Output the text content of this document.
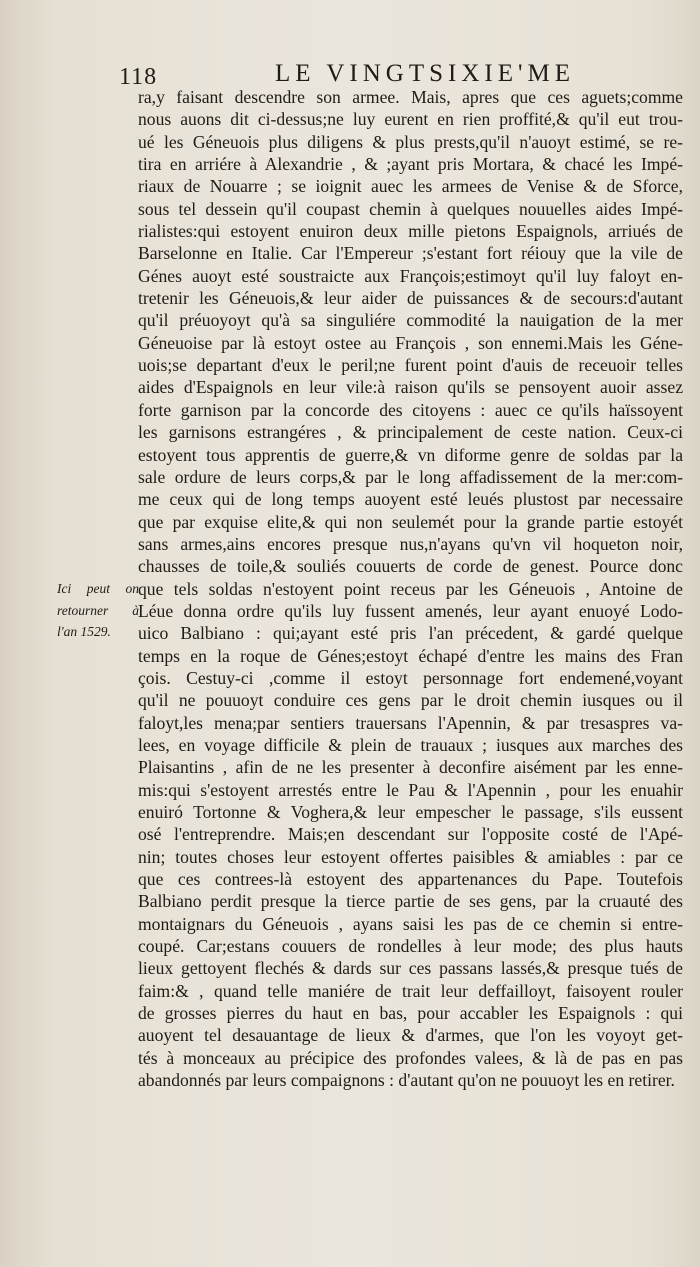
118	LE VINGTSIXIE'ME
Ici peut on
retourner à
l'an 1529.
ra,y faisant descendre son armee. Mais, apres que ces aguets;comme
nous auons dit ci-dessus;ne luy eurent en rien proffité,& qu'il eut trou-
ué les Géneuois plus diligens & plus prests,qu'il n'auoyt estimé, se re-
tira en arriére à Alexandrie , & ;ayant pris Mortara, & chacé les Impé-
riaux de Nouarre ; se ioignit auec les armees de Venise & de Sforce,
sous tel dessein qu'il coupast chemin à quelques nouuelles aides Impé-
rialistes:qui estoyent enuiron deux mille pietons Espaignols, arriués de
Barselonne en Italie. Car l'Empereur ;s'estant fort réiouy que la vile de
Génes auoyt esté soustraicte aux François;estimoyt qu'il luy faloyt en-
tretenir les Géneuois,& leur aider de puissances & de secours:d'autant
qu'il préuoyoyt qu'à sa singuliére commodité la nauigation de la mer
Géneuoise par là estoyt ostee au François , son ennemi.Mais les Géne-
uois;se departant d'eux le peril;ne furent point d'auis de receuoir telles
aides d'Espaignols en leur vile:à raison qu'ils se pensoyent auoir assez
forte garnison par la concorde des citoyens : auec ce qu'ils haïssoyent
les garnisons estrangéres , & principalement de ceste nation. Ceux-ci
estoyent tous apprentis de guerre,& vn diforme genre de soldas par la
sale ordure de leurs corps,& par le long affadissement de la mer:com-
me ceux qui de long temps auoyent esté leués plustost par necessaire
que par exquise elite,& qui non seulemét pour la grande partie estoyét
sans armes,ains encores presque nus,n'ayans qu'vn vil hoqueton noir,
chausses de toile,& souliés couuerts de corde de genest. Pource donc
que tels soldas n'estoyent point receus par les Géneuois , Antoine de
Léue donna ordre qu'ils luy fussent amenés, leur ayant enuoyé Lodo-
uico Balbiano : qui;ayant esté pris l'an précedent, & gardé quelque
temps en la roque de Génes;estoyt échapé d'entre les mains des Fran
çois. Cestuy-ci ,comme il estoyt personnage fort endemené,voyant
qu'il ne pouuoyt conduire ces gens par le droit chemin iusques ou il
faloyt,les mena;par sentiers trauersans l'Apennin, & par tresaspres va-
lees, en voyage difficile & plein de trauaux ; iusques aux marches des
Plaisantins , afin de ne les presenter à deconfire aisément par les enne-
mis:qui s'estoyent arrestés entre le Pau & l'Apennin , pour les enuahir
enuiró Tortonne & Voghera,& leur empescher le passage, s'ils eussent
osé l'entreprendre. Mais;en descendant sur l'opposite costé de l'Apé-
nin; toutes choses leur estoyent offertes paisibles & amiables : par ce
que ces contrees-là estoyent des appartenances du Pape. Toutefois
Balbiano perdit presque la tierce partie de ses gens, par la cruauté des
montaignars du Géneuois , ayans saisi les pas de ce chemin si entre-
coupé. Car;estans couuers de rondelles à leur mode; des plus hauts
lieux gettoyent flechés & dards sur ces passans lassés,& presque tués de
faim:& , quand telle maniére de trait leur deffailloyt, faisoyent rouler
de grosses pierres du haut en bas, pour accabler les Espaignols : qui
auoyent tel desauantage de lieux & d'armes, que l'on les voyoyt get-
tés à monceaux au précipice des profondes valees, & là de pas en pas
abandonnés par leurs compaignons : d'autant qu'on ne pouuoyt les en retirer.
